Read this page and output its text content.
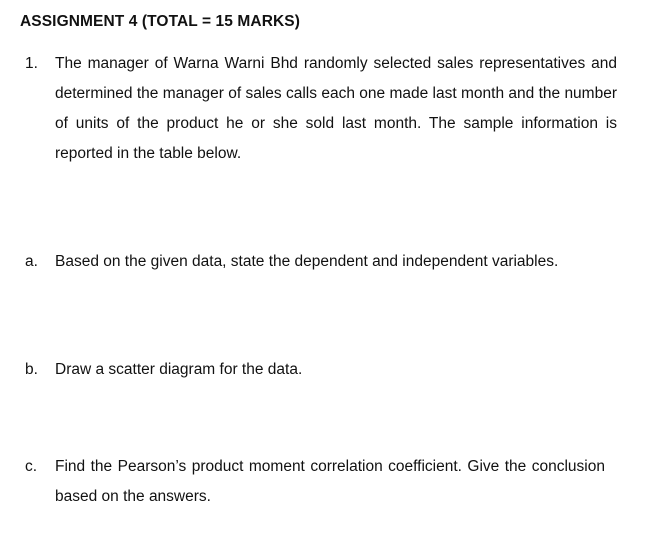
ASSIGNMENT 4 (TOTAL = 15 MARKS)
1. The manager of Warna Warni Bhd randomly selected sales representatives and determined the manager of sales calls each one made last month and the number of units of the product he or she sold last month. The sample information is reported in the table below.
a. Based on the given data, state the dependent and independent variables.
b. Draw a scatter diagram for the data.
c. Find the Pearson’s product moment correlation coefficient. Give the conclusion based on the answers.
